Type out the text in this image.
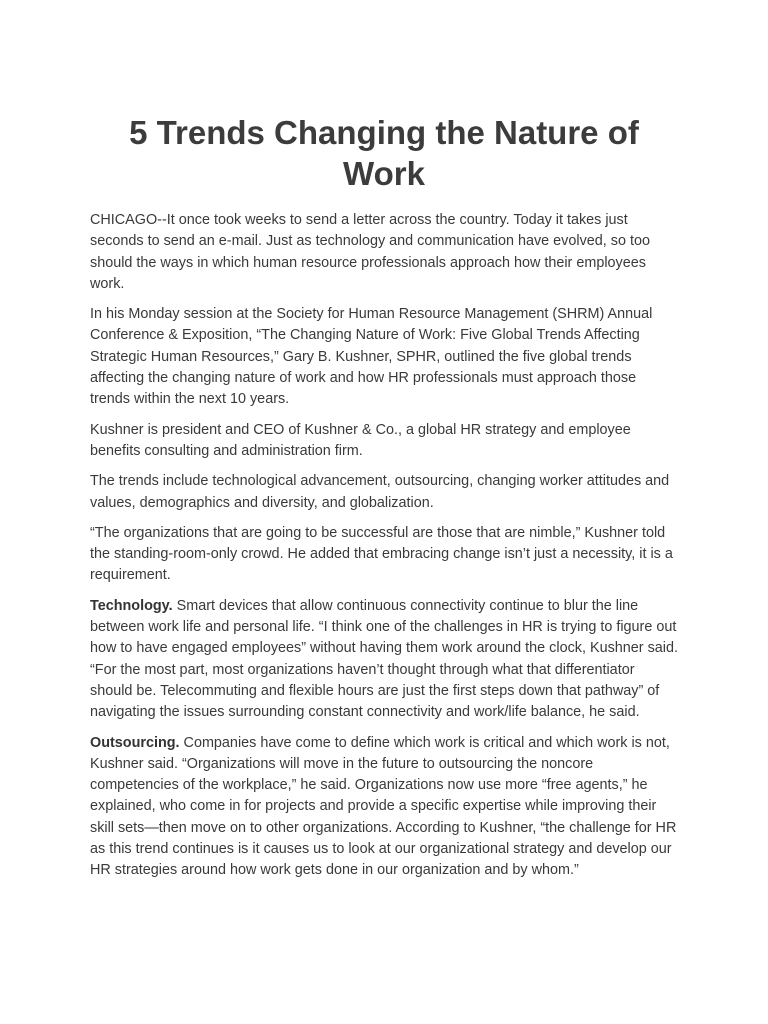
5 Trends Changing the Nature of Work

CHICAGO--It once took weeks to send a letter across the country. Today it takes just seconds to send an e-mail. Just as technology and communication have evolved, so too should the ways in which human resource professionals approach how their employees work.

In his Monday session at the Society for Human Resource Management (SHRM) Annual Conference & Exposition, “The Changing Nature of Work: Five Global Trends Affecting Strategic Human Resources,” Gary B. Kushner, SPHR, outlined the five global trends affecting the changing nature of work and how HR professionals must approach those trends within the next 10 years.

Kushner is president and CEO of Kushner & Co., a global HR strategy and employee benefits consulting and administration firm.

The trends include technological advancement, outsourcing, changing worker attitudes and values, demographics and diversity, and globalization.

“The organizations that are going to be successful are those that are nimble,” Kushner told the standing-room-only crowd. He added that embracing change isn’t just a necessity, it is a requirement.

Technology. Smart devices that allow continuous connectivity continue to blur the line between work life and personal life. “I think one of the challenges in HR is trying to figure out how to have engaged employees” without having them work around the clock, Kushner said. “For the most part, most organizations haven’t thought through what that differentiator should be. Telecommuting and flexible hours are just the first steps down that pathway” of navigating the issues surrounding constant connectivity and work/life balance, he said.

Outsourcing. Companies have come to define which work is critical and which work is not, Kushner said. “Organizations will move in the future to outsourcing the noncore competencies of the workplace,” he said. Organizations now use more “free agents,” he explained, who come in for projects and provide a specific expertise while improving their skill sets—then move on to other organizations. According to Kushner, “the challenge for HR as this trend continues is it causes us to look at our organizational strategy and develop our HR strategies around how work gets done in our organization and by whom.”
